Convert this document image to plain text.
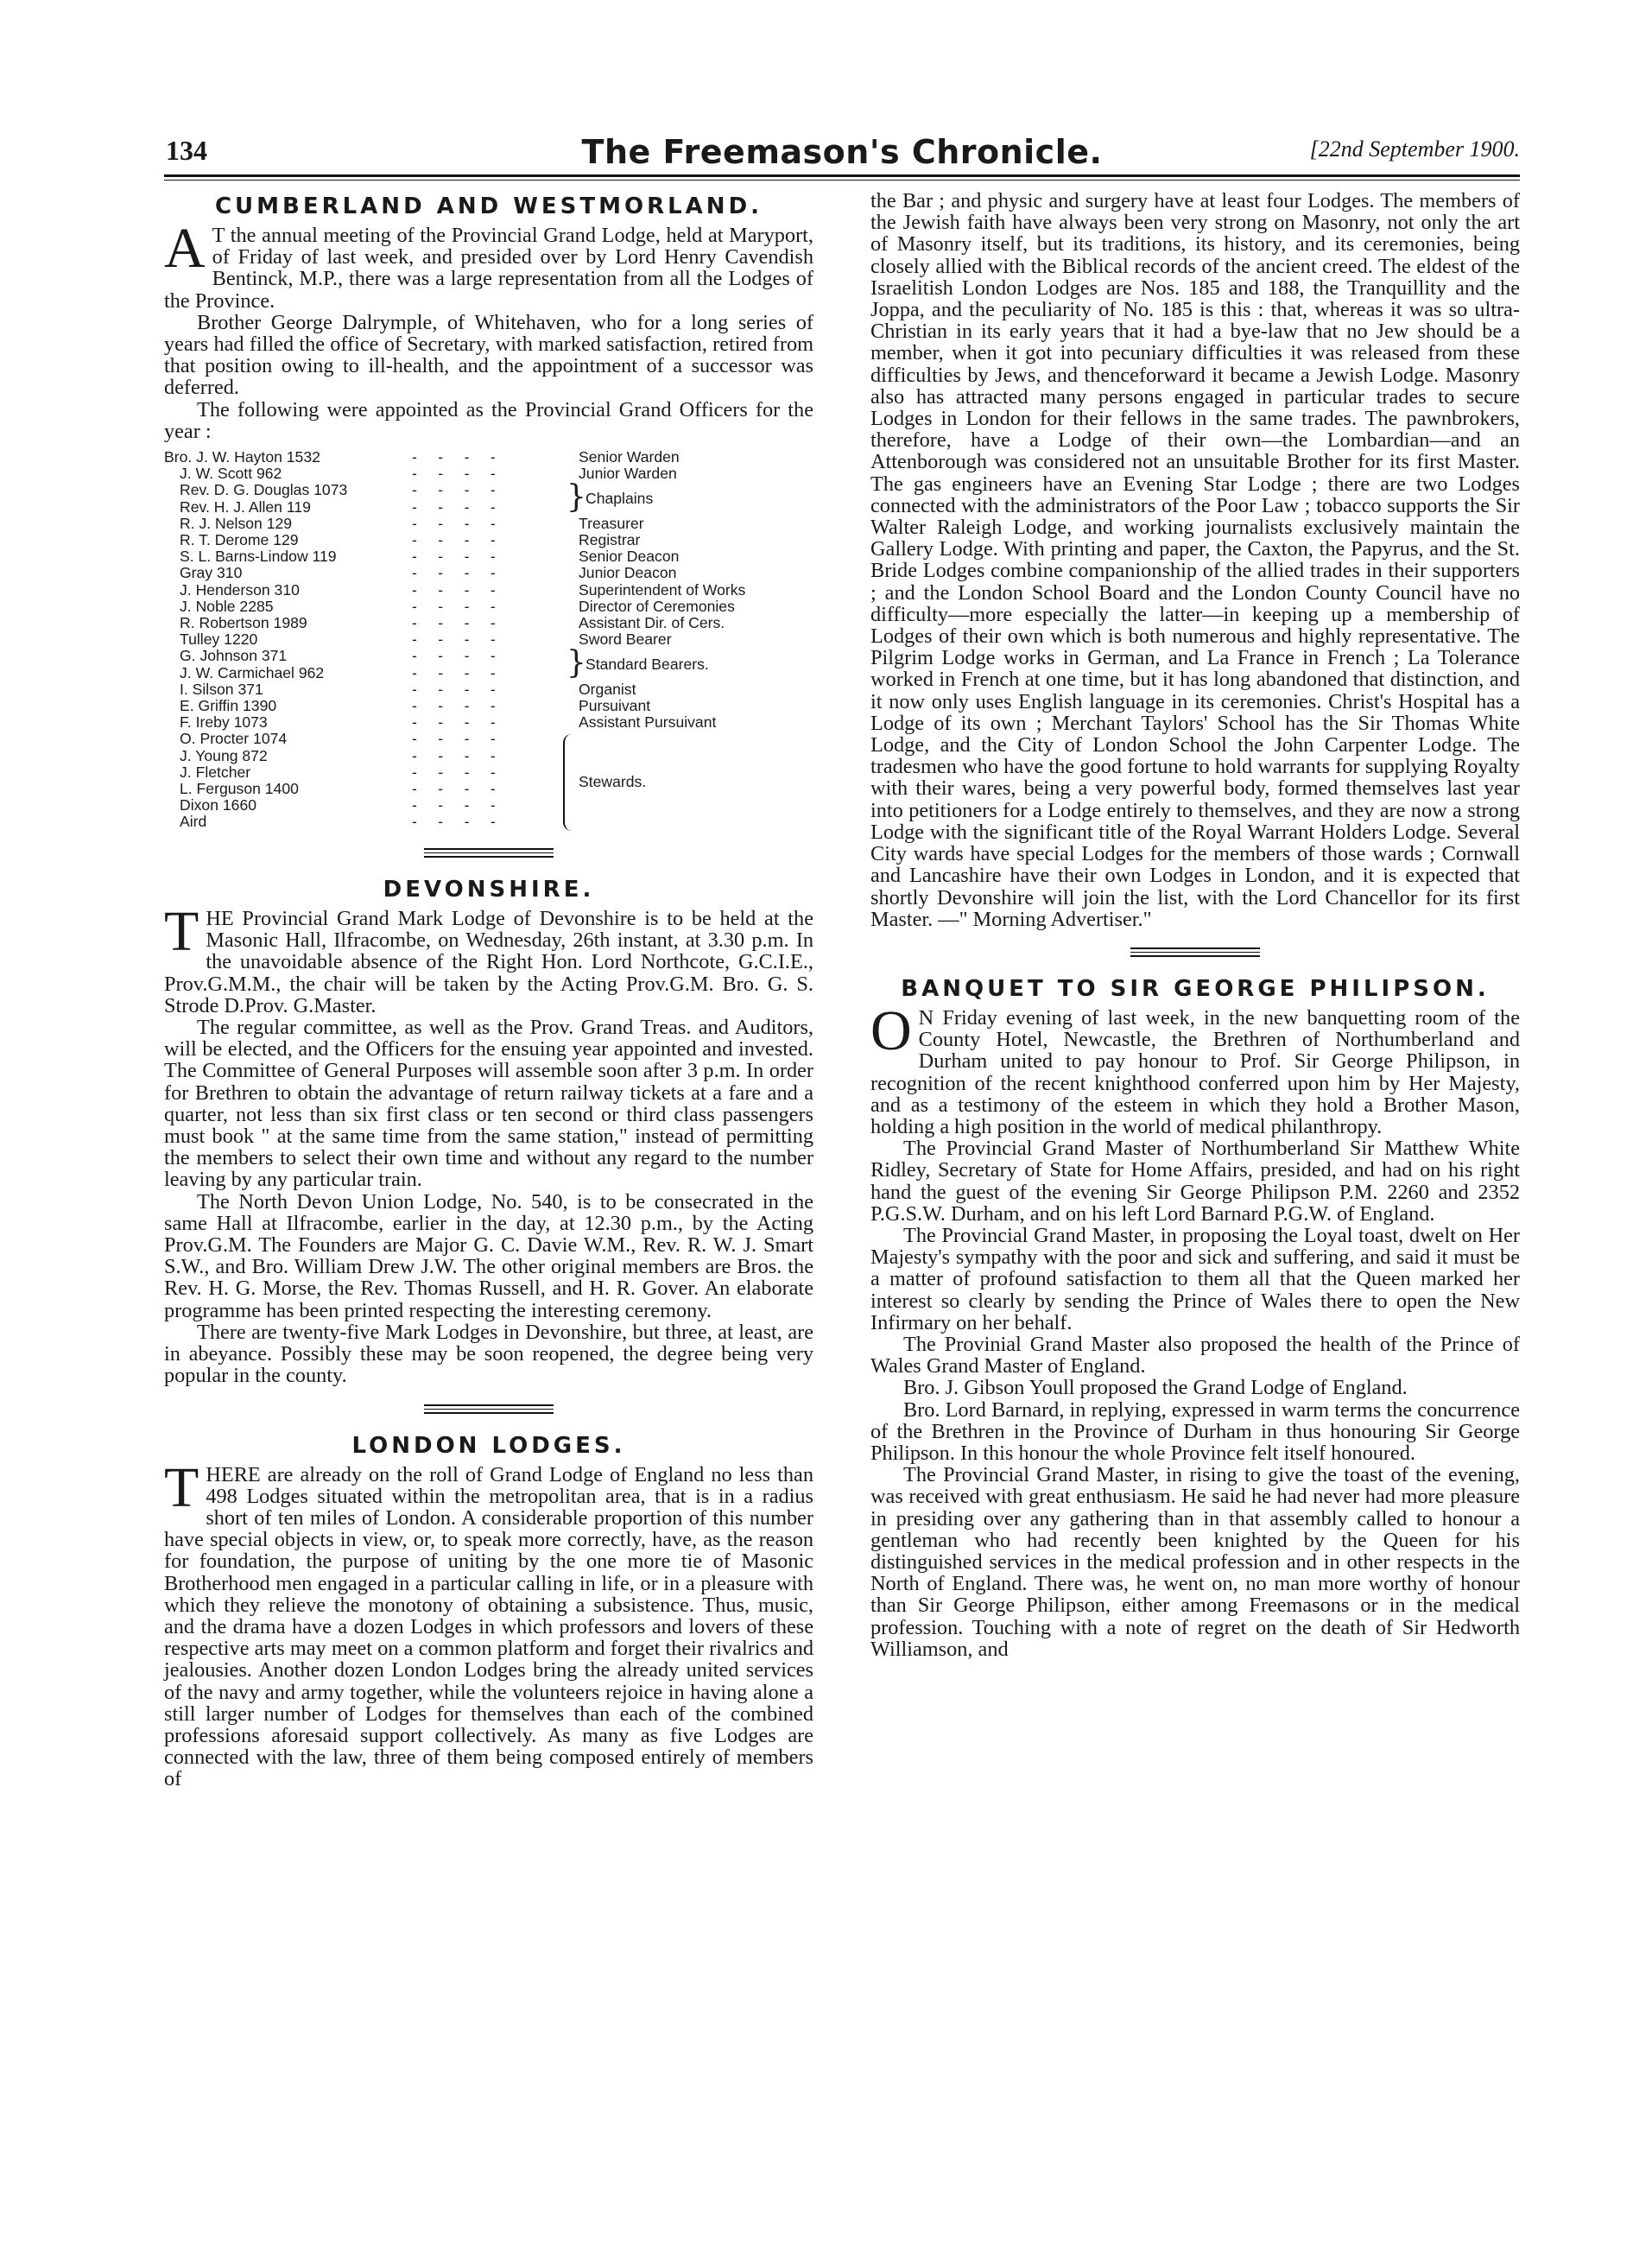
134	The Freemason's Chronicle.	[22nd September 1900.
CUMBERLAND AND WESTMORLAND.

A T the annual meeting of the Provincial Grand Lodge, held at Maryport, of Friday of last week, and presided over by Lord Henry Cavendish Bentinck, M.P., there was a large representation from all the Lodges of the Province.

Brother George Dalrymple, of Whitehaven, who for a long series of years had filled the office of Secretary, with marked satisfaction, retired from that position owing to ill-health, and the appointment of a successor was deferred.

The following were appointed as the Provincial Grand Officers for the year :

Bro. J. W. Hayton 1532	-     -     -     -	Senior Warden
J. W. Scott 962	-     -     -     -	Junior Warden
Rev. D. G. Douglas 1073	-     -     -     -
Rev. H. J. Allen 119	-     -     -     -	} Chaplains
R. J. Nelson 129	-     -     -     -	Treasurer
R. T. Derome 129	-     -     -     -	Registrar
S. L. Barns-Lindow 119	-     -     -     -	Senior Deacon
Gray 310	-     -     -     -	Junior Deacon
J. Henderson 310	-     -     -     -	Superintendent of Works
J. Noble 2285	-     -     -     -	Director of Ceremonies
R. Robertson 1989	-     -     -     -	Assistant Dir. of Cers.
Tulley 1220	-     -     -     -	Sword Bearer
G. Johnson 371	-     -     -     -
J. W. Carmichael 962	-     -     -     -	} Standard Bearers.
I. Silson 371	-     -     -     -	Organist
E. Griffin 1390	-     -     -     -	Pursuivant
F. Ireby 1073	-     -     -     -	Assistant Pursuivant
O. Procter 1074	-     -     -     -
J. Young 872	-     -     -     -
J. Fletcher	-     -     -     -
L. Ferguson 1400	-     -     -     -
Dixon 1660	-     -     -     -
Aird	-     -     -     -
Stewards.
DEVONSHIRE.

THE Provincial Grand Mark Lodge of Devonshire is to be held at the Masonic Hall, Ilfracombe, on Wednesday, 26th instant, at 3.30 p.m. In the unavoidable absence of the Right Hon. Lord Northcote, G.C.I.E., Prov.G.M.M., the chair will be taken by the Acting Prov.G.M. Bro. G. S. Strode D.Prov. G.Master.

The regular committee, as well as the Prov. Grand Treas. and Auditors, will be elected, and the Officers for the ensuing year appointed and invested. The Committee of General Purposes will assemble soon after 3 p.m. In order for Brethren to obtain the advantage of return railway tickets at a fare and a quarter, not less than six first class or ten second or third class passengers must book " at the same time from the same station," instead of permitting the members to select their own time and without any regard to the number leaving by any particular train.

The North Devon Union Lodge, No. 540, is to be consecrated in the same Hall at Ilfracombe, earlier in the day, at 12.30 p.m., by the Acting Prov.G.M. The Founders are Major G. C. Davie W.M., Rev. R. W. J. Smart S.W., and Bro. William Drew J.W. The other original members are Bros. the Rev. H. G. Morse, the Rev. Thomas Russell, and H. R. Gover. An elaborate programme has been printed respecting the interesting ceremony.

There are twenty-five Mark Lodges in Devonshire, but three, at least, are in abeyance. Possibly these may be soon reopened, the degree being very popular in the county.

LONDON LODGES.

THERE are already on the roll of Grand Lodge of England no less than 498 Lodges situated within the metropolitan area, that is in a radius short of ten miles of London. A considerable proportion of this number have special objects in view, or, to speak more correctly, have, as the reason for foundation, the purpose of uniting by the one more tie of Masonic Brotherhood men engaged in a particular calling in life, or in a pleasure with which they relieve the monotony of obtaining a subsistence. Thus, music, and the drama have a dozen Lodges in which professors and lovers of these respective arts may meet on a common platform and forget their rivalrics and jealousies. Another dozen London Lodges bring the already united services of the navy and army together, while the volunteers rejoice in having alone a still larger number of Lodges for themselves than each of the combined professions aforesaid support collectively. As many as five Lodges are connected with the law, three of them being composed entirely of members of

the Bar ; and physic and surgery have at least four Lodges. The members of the Jewish faith have always been very strong on Masonry, not only the art of Masonry itself, but its traditions, its history, and its ceremonies, being closely allied with the Biblical records of the ancient creed. The eldest of the Israelitish London Lodges are Nos. 185 and 188, the Tranquillity and the Joppa, and the peculiarity of No. 185 is this : that, whereas it was so ultra-Christian in its early years that it had a bye-law that no Jew should be a member, when it got into pecuniary difficulties it was released from these difficulties by Jews, and thenceforward it became a Jewish Lodge. Masonry also has attracted many persons engaged in particular trades to secure Lodges in London for their fellows in the same trades. The pawnbrokers, therefore, have a Lodge of their own—the Lombardian—and an Attenborough was considered not an unsuitable Brother for its first Master. The gas engineers have an Evening Star Lodge ; there are two Lodges connected with the administrators of the Poor Law ; tobacco supports the Sir Walter Raleigh Lodge, and working journalists exclusively maintain the Gallery Lodge. With printing and paper, the Caxton, the Papyrus, and the St. Bride Lodges combine companionship of the allied trades in their supporters ; and the London School Board and the London County Council have no difficulty—more especially the latter—in keeping up a membership of Lodges of their own which is both numerous and highly representative. The Pilgrim Lodge works in German, and La France in French ; La Tolerance worked in French at one time, but it has long abandoned that distinction, and it now only uses English language in its ceremonies. Christ's Hospital has a Lodge of its own ; Merchant Taylors' School has the Sir Thomas White Lodge, and the City of London School the John Carpenter Lodge. The tradesmen who have the good fortune to hold warrants for supplying Royalty with their wares, being a very powerful body, formed themselves last year into petitioners for a Lodge entirely to themselves, and they are now a strong Lodge with the significant title of the Royal Warrant Holders Lodge. Several City wards have special Lodges for the members of those wards ; Cornwall and Lancashire have their own Lodges in London, and it is expected that shortly Devonshire will join the list, with the Lord Chancellor for its first Master. —" Morning Advertiser."

BANQUET TO SIR GEORGE PHILIPSON.

O N Friday evening of last week, in the new banquetting room of the County Hotel, Newcastle, the Brethren of Northumberland and Durham united to pay honour to Prof. Sir George Philipson, in recognition of the recent knighthood conferred upon him by Her Majesty, and as a testimony of the esteem in which they hold a Brother Mason, holding a high position in the world of medical philanthropy.

The Provincial Grand Master of Northumberland Sir Matthew White Ridley, Secretary of State for Home Affairs, presided, and had on his right hand the guest of the evening Sir George Philipson P.M. 2260 and 2352 P.G.S.W. Durham, and on his left Lord Barnard P.G.W. of England.

The Provincial Grand Master, in proposing the Loyal toast, dwelt on Her Majesty's sympathy with the poor and sick and suffering, and said it must be a matter of profound satisfaction to them all that the Queen marked her interest so clearly by sending the Prince of Wales there to open the New Infirmary on her behalf.

The Provinial Grand Master also proposed the health of the Prince of Wales Grand Master of England.

Bro. J. Gibson Youll proposed the Grand Lodge of England.

Bro. Lord Barnard, in replying, expressed in warm terms the concurrence of the Brethren in the Province of Durham in thus honouring Sir George Philipson. In this honour the whole Province felt itself honoured.

The Provincial Grand Master, in rising to give the toast of the evening, was received with great enthusiasm. He said he had never had more pleasure in presiding over any gathering than in that assembly called to honour a gentleman who had recently been knighted by the Queen for his distinguished services in the medical profession and in other respects in the North of England. There was, he went on, no man more worthy of honour than Sir George Philipson, either among Freemasons or in the medical profession. Touching with a note of regret on the death of Sir Hedworth Williamson, and
